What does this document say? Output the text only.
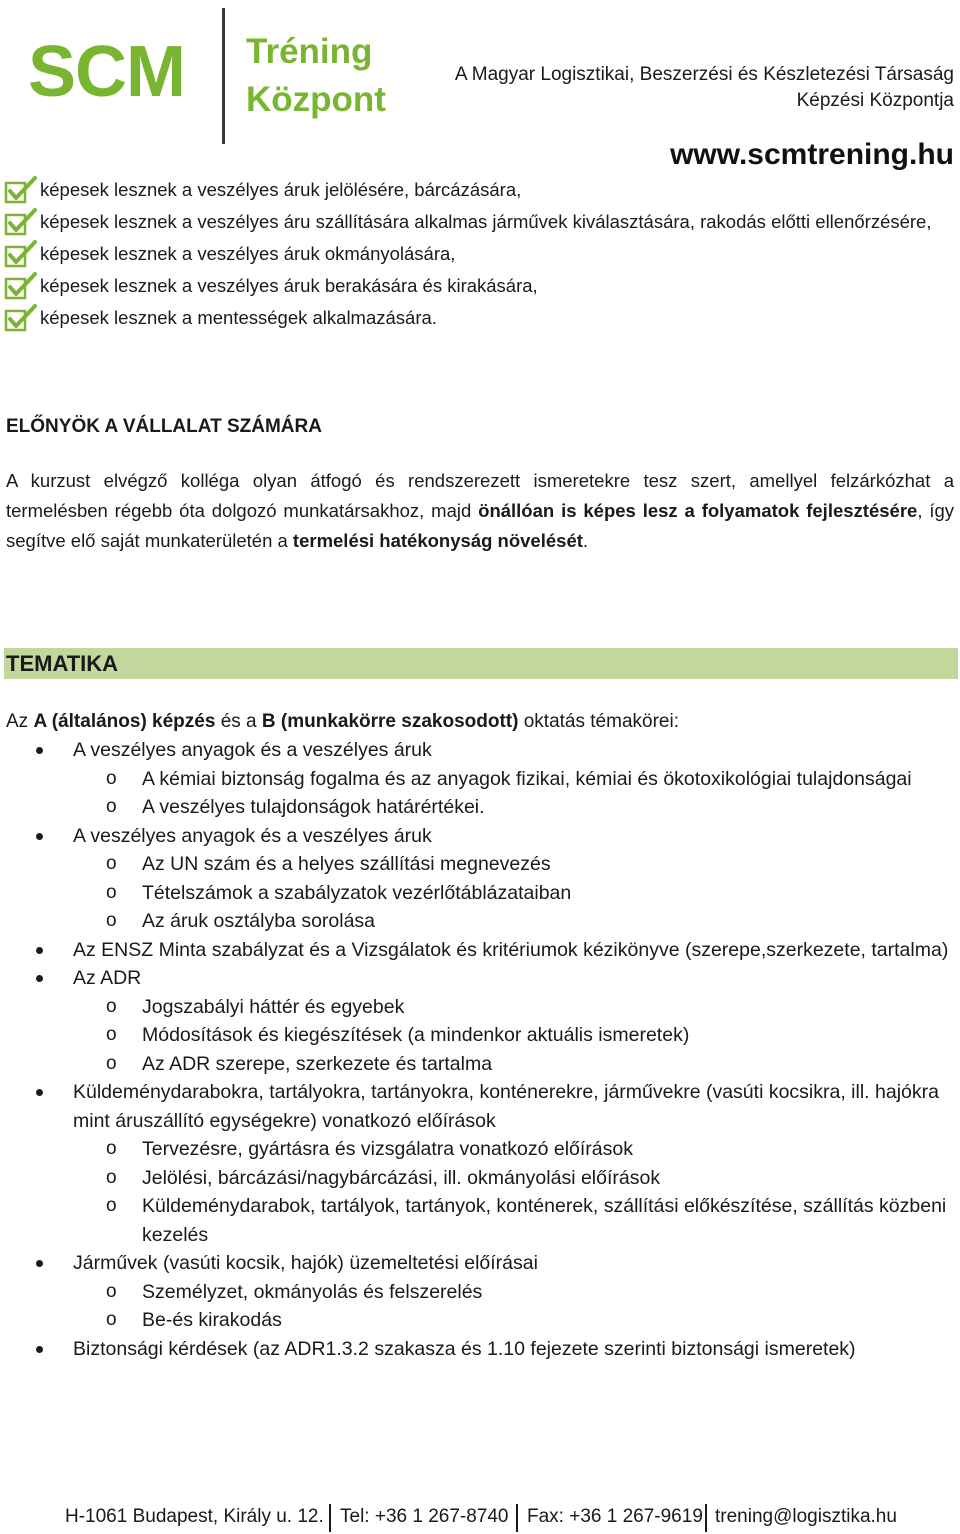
SCM Tréning
Központ
A Magyar Logisztikai, Beszerzési és Készletezési Társaság
Képzési Központja
www.scmtrening.hu
képesek lesznek a veszélyes áruk jelölésére, bárcázására,
képesek lesznek a veszélyes áru szállítására alkalmas járművek kiválasztására, rakodás előtti ellenőrzésére,
képesek lesznek a veszélyes áruk okmányolására,
képesek lesznek a veszélyes áruk berakására és kirakására,
képesek lesznek a mentességek alkalmazására.
ELŐNYÖK A VÁLLALAT SZÁMÁRA
A kurzust elvégző kolléga olyan átfogó és rendszerezett ismeretekre tesz szert, amellyel felzárkózhat a termelésben régebb óta dolgozó munkatársakhoz, majd önállóan is képes lesz a folyamatok fejlesztésére, így segítve elő saját munkaterületén a termelési hatékonyság növelését.
TEMATIKA
Az A (általános) képzés és a B (munkakörre szakosodott) oktatás témakörei:
A veszélyes anyagok és a veszélyes áruk
o A kémiai biztonság fogalma és az anyagok fizikai, kémiai és ökotoxikológiai tulajdonságai
o A veszélyes tulajdonságok határértékei.
A veszélyes anyagok és a veszélyes áruk
o Az UN szám és a helyes szállítási megnevezés
o Tételszámok a szabályzatok vezérlőtáblázataiban
o Az áruk osztályba sorolása
Az ENSZ Minta szabályzat és a Vizsgálatok és kritériumok kézikönyve (szerepe,szerkezete, tartalma)
Az ADR
o Jogszabályi háttér és egyebek
o Módosítások és kiegészítések (a mindenkor aktuális ismeretek)
o Az ADR szerepe, szerkezete és tartalma
Küldeménydarabokra, tartályokra, tartányokra, konténerekre, járművekre (vasúti kocsikra, ill. hajókra mint áruszállító egységekre) vonatkozó előírások
o Tervezésre, gyártásra és vizsgálatra vonatkozó előírások
o Jelölési, bárcázási/nagybárcázási, ill. okmányolási előírások
o Küldeménydarabok, tartályok, tartányok, konténerek, szállítási előkészítése, szállítás közbeni kezelés
Járművek (vasúti kocsik, hajók) üzemeltetési előírásai
o Személyzet, okmányolás és felszerelés
o Be-és kirakodás
Biztonsági kérdések (az ADR1.3.2 szakasza és 1.10 fejezete szerinti biztonsági ismeretek)
H-1061 Budapest, Király u. 12. Tel: +36 1 267-8740 Fax: +36 1 267-9619 trening@logisztika.hu
